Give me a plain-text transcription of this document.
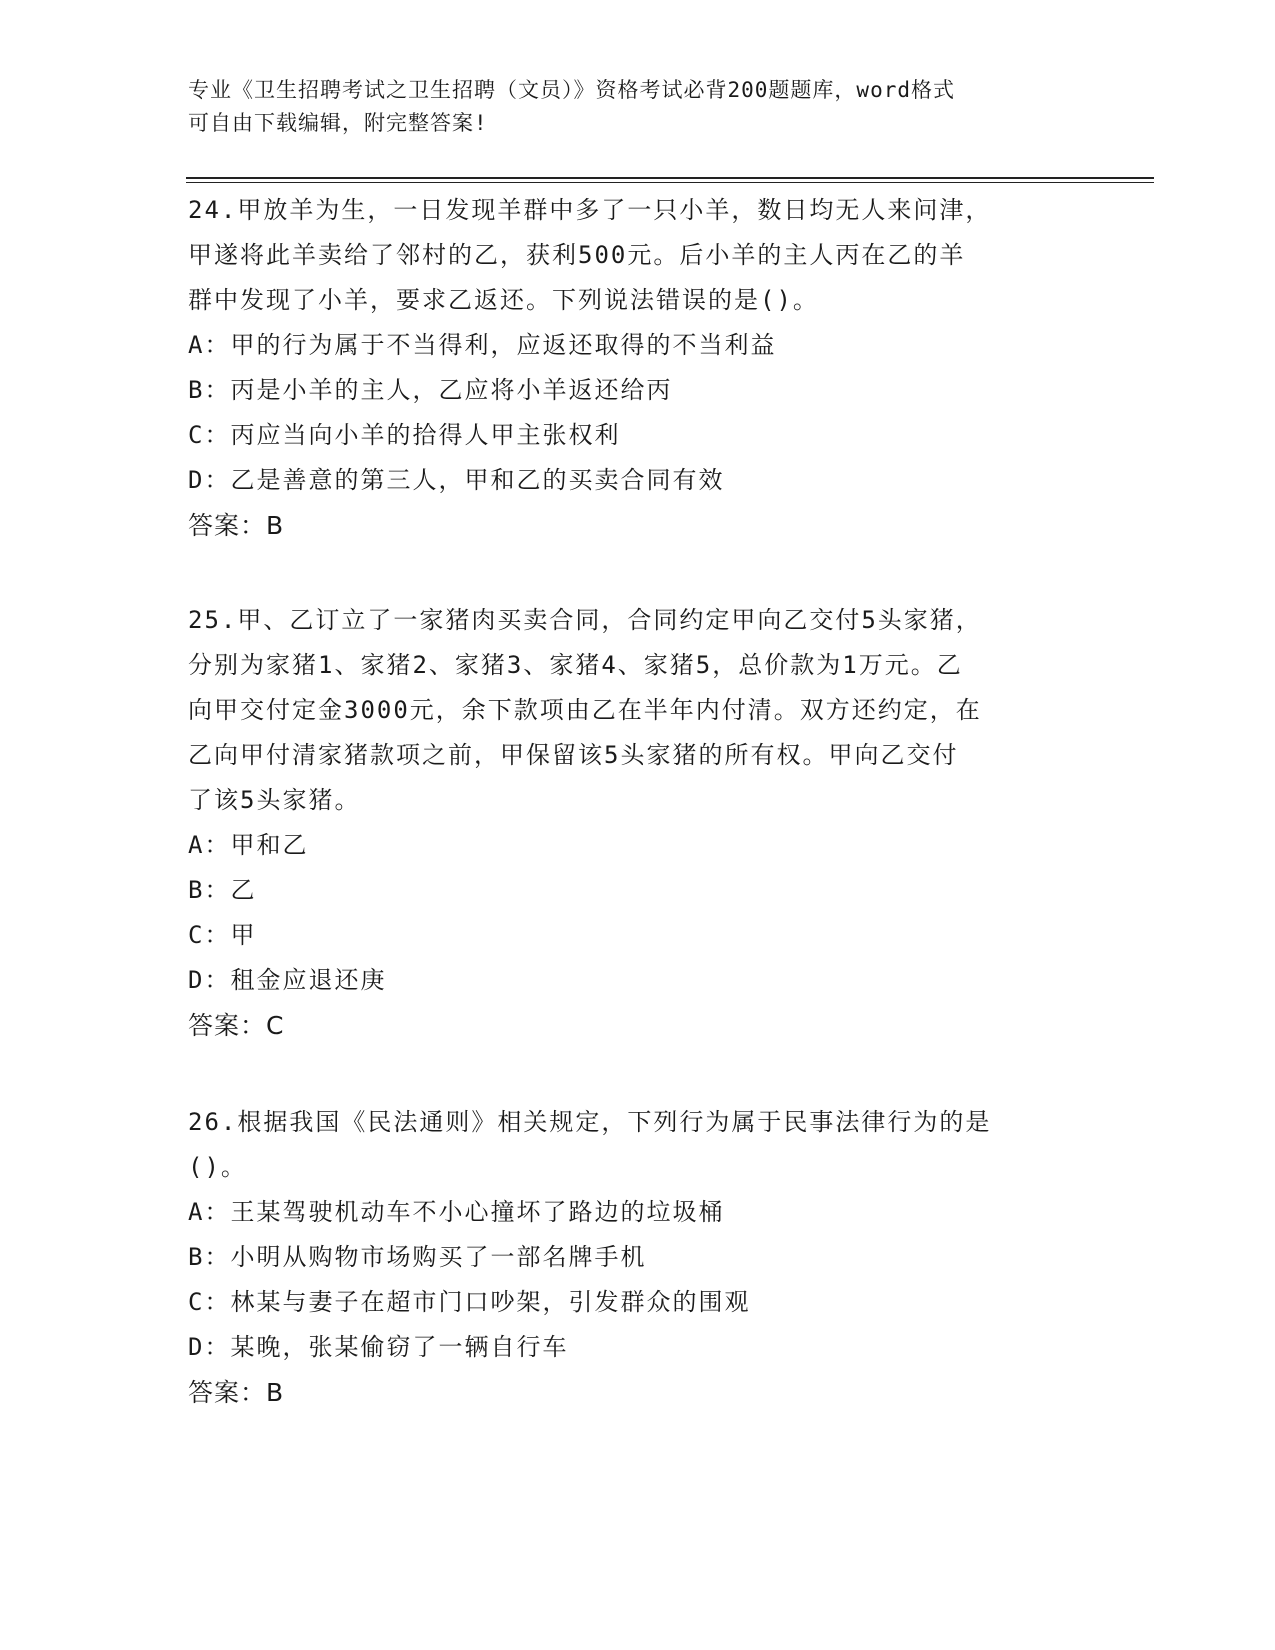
专业《卫生招聘考试之卫生招聘（文员）》资格考试必背200题题库，word格式
可自由下载编辑，附完整答案!
24.甲放羊为生，一日发现羊群中多了一只小羊，数日均无人来问津，
甲遂将此羊卖给了邻村的乙，获利500元。后小羊的主人丙在乙的羊
群中发现了小羊，要求乙返还。下列说法错误的是()。
A：甲的行为属于不当得利，应返还取得的不当利益
B：丙是小羊的主人，乙应将小羊返还给丙
C：丙应当向小羊的拾得人甲主张权利
D：乙是善意的第三人，甲和乙的买卖合同有效
答案：B
25.甲、乙订立了一家猪肉买卖合同，合同约定甲向乙交付5头家猪，
分别为家猪1、家猪2、家猪3、家猪4、家猪5，总价款为1万元。乙
向甲交付定金3000元，余下款项由乙在半年内付清。双方还约定，在
乙向甲付清家猪款项之前，甲保留该5头家猪的所有权。甲向乙交付
了该5头家猪。
A：甲和乙
B：乙
C：甲
D：租金应退还庚
答案：C
26.根据我国《民法通则》相关规定，下列行为属于民事法律行为的是
()。
A：王某驾驶机动车不小心撞坏了路边的垃圾桶
B：小明从购物市场购买了一部名牌手机
C：林某与妻子在超市门口吵架，引发群众的围观
D：某晚，张某偷窃了一辆自行车
答案：B
